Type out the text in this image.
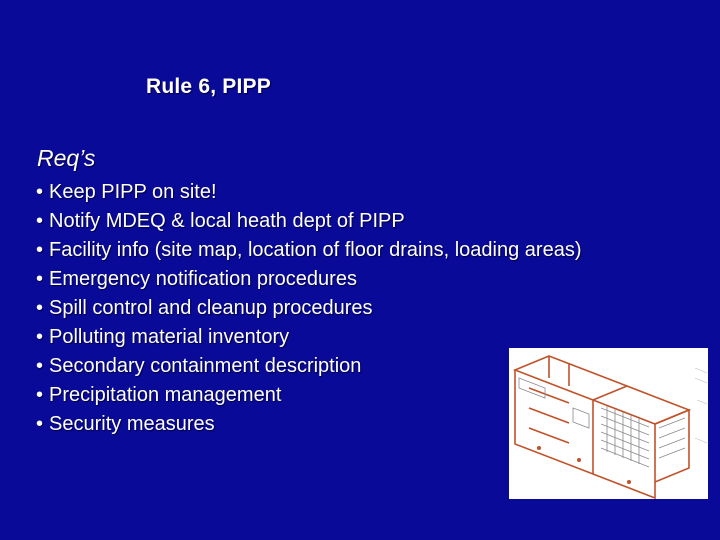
Rule 6, PIPP
Req’s
• Keep PIPP on site!
• Notify MDEQ & local heath dept of PIPP
• Facility info (site map, location of floor drains, loading areas)
• Emergency notification procedures
• Spill control and cleanup procedures
• Polluting material inventory
• Secondary containment description
• Precipitation management
• Security measures
